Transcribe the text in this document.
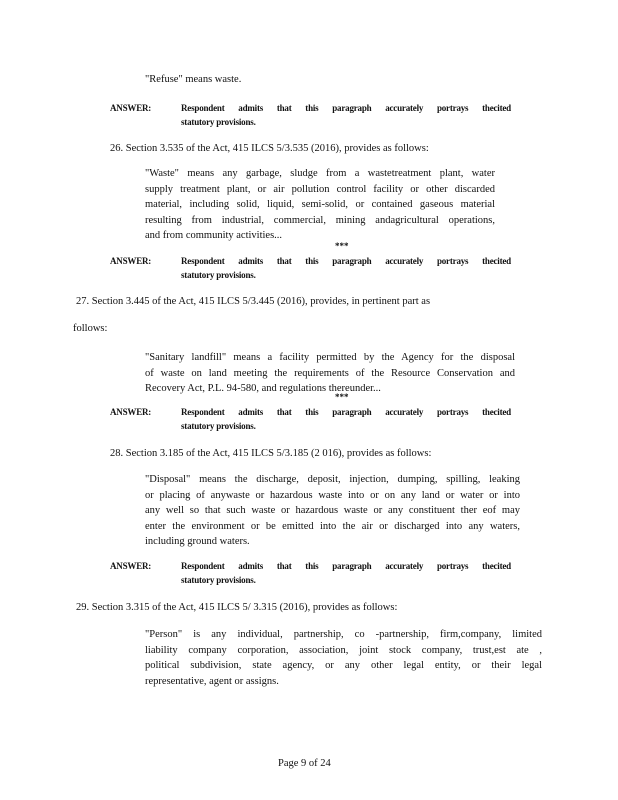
"Refuse" means waste.
ANSWER:	Respondent admits that this paragraph accurately portrays thecited
statutory provisions.
26. Section 3.535 of the Act, 415 ILCS 5/3.535 (2016), provides as follows:
"Waste" means any garbage, sludge from a wastetreatment plant, water
supply treatment plant, or air pollution control facility or other discarded
material, including solid, liquid, semi-solid, or contained gaseous material
resulting from industrial, commercial, mining andagricultural operations,
and from community activities...
***
ANSWER:	Respondent admits that this paragraph accurately portrays thecited
statutory provisions.
27. Section 3.445 of the Act, 415 ILCS 5/3.445 (2016), provides, in pertinent part as
follows:
"Sanitary landfill" means a facility permitted by the Agency for the disposal
of waste on land meeting the requirements of the Resource Conservation and
Recovery Act, P.L. 94-580, and regulations thereunder...
***
ANSWER:	Respondent admits that this paragraph accurately portrays thecited
statutory provisions.
28. Section 3.185 of the Act, 415 ILCS 5/3.185 (2 016), provides as follows:
"Disposal" means the discharge, deposit, injection, dumping, spilling, leaking
or placing of anywaste or hazardous waste into or on any land or water or into
any well so that such waste or hazardous waste or any constituent ther eof may
enter the environment or be emitted into the air or discharged into any waters,
including ground waters.
ANSWER:	Respondent admits that this paragraph accurately portrays thecited
statutory provisions.
29. Section 3.315 of the Act, 415 ILCS 5/ 3.315 (2016), provides as follows:
"Person" is any individual, partnership, co -partnership, firm,company, limited
liability company corporation, association, joint stock company, trust,est ate ,
political subdivision, state agency, or any other legal entity, or their legal
representative, agent or assigns.
Page 9 of 24
